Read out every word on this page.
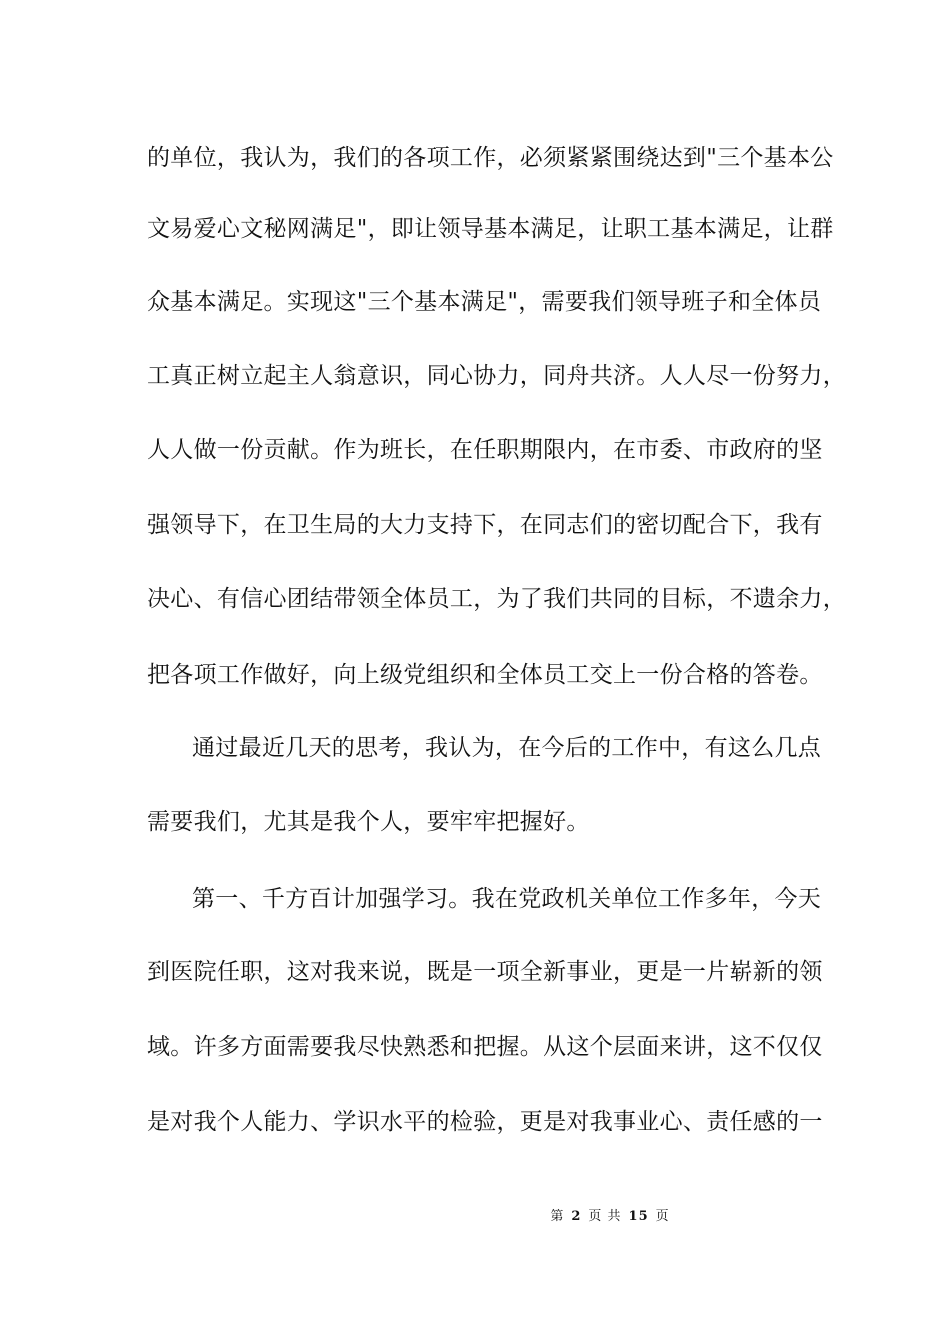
的单位，我认为，我们的各项工作，必须紧紧围绕达到"三个基本公
文易爱心文秘网满足"，即让领导基本满足，让职工基本满足，让群
众基本满足。实现这"三个基本满足"，需要我们领导班子和全体员
工真正树立起主人翁意识，同心协力，同舟共济。人人尽一份努力，
人人做一份贡献。作为班长，在任职期限内，在市委、市政府的坚
强领导下，在卫生局的大力支持下，在同志们的密切配合下，我有
决心、有信心团结带领全体员工，为了我们共同的目标，不遗余力，
把各项工作做好，向上级党组织和全体员工交上一份合格的答卷。
通过最近几天的思考，我认为，在今后的工作中，有这么几点
需要我们，尤其是我个人，要牢牢把握好。
第一、千方百计加强学习。我在党政机关单位工作多年，今天
到医院任职，这对我来说，既是一项全新事业，更是一片崭新的领
域。许多方面需要我尽快熟悉和把握。从这个层面来讲，这不仅仅
是对我个人能力、学识水平的检验，更是对我事业心、责任感的一
第 2 页 共 15 页
